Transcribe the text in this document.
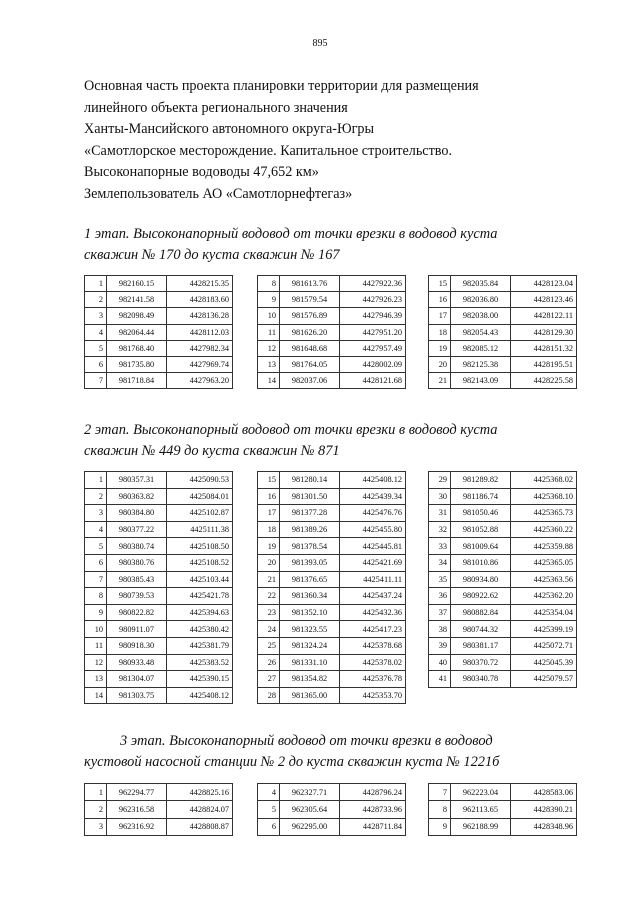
895
Основная часть проекта планировки территории для размещения
линейного объекта регионального значения
Ханты-Мансийского автономного округа-Югры
«Самотлорское месторождение. Капитальное строительство.
Высоконапорные водоводы 47,652 км»
Землепользователь АО «Самотлорнефтегаз»
1 этап. Высоконапорный водовод от точки врезки в водовод куста
скважин № 170 до куста скважин № 167
1	982160.15	4428215.35
2	982141.58	4428183.60
3	982098.49	4428136.28
4	982064.44	4428112.03
5	981768.40	4427982.34
6	981735.80	4427969.74
7	981718.84	4427963.20
8	981613.76	4427922.36
9	981579.54	4427926.23
10	981576.89	4427946.39
11	981626.20	4427951.20
12	981648.68	4427957.49
13	981764.05	4428002.09
14	982037.06	4428121.68
15	982035.84	4428123.04
16	982036.80	4428123.46
17	982038.00	4428122.11
18	982054.43	4428129.30
19	982085.12	4428151.32
20	982125.38	4428195.51
21	982143.09	4428225.58
2 этап. Высоконапорный водовод от точки врезки в водовод куста
скважин № 449 до куста скважин № 871
1	980357.31	4425090.53
2	980363.82	4425084.01
3	980384.80	4425102.87
4	980377.22	4425111.38
5	980380.74	4425108.50
6	980380.76	4425108.52
7	980385.43	4425103.44
8	980739.53	4425421.78
9	980822.82	4425394.63
10	980911.07	4425380.42
11	980918.30	4425381.79
12	980933.48	4425383.52
13	981304.07	4425390.15
14	981303.75	4425408.12
15	981280.14	4425408.12
16	981301.50	4425439.34
17	981377.28	4425476.76
18	981389.26	4425455.80
19	981378.54	4425445.81
20	981393.05	4425421.69
21	981376.65	4425411.11
22	981360.34	4425437.24
23	981352.10	4425432.36
24	981323.55	4425417.23
25	981324.24	4425378.68
26	981331.10	4425378.02
27	981354.82	4425376.78
28	981365.00	4425353.70
29	981289.82	4425368.02
30	981186.74	4425368.10
31	981050.46	4425365.73
32	981052.88	4425360.22
33	981009.64	4425359.88
34	981010.86	4425365.05
35	980934.80	4425363.56
36	980922.62	4425362.20
37	980882.84	4425354.04
38	980744.32	4425399.19
39	980381.17	4425072.71
40	980370.72	4425045.39
41	980340.78	4425079.57
3 этап. Высоконапорный водовод от точки врезки в водовод
кустовой насосной станции № 2 до куста скважин куста № 1221б
1	962294.77	4428825.16
2	962316.58	4428824.07
3	962316.92	4428808.87
4	962327.71	4428796.24
5	962305.64	4428733.96
6	962295.00	4428711.84
7	962223.04	4428583.06
8	962113.65	4428390.21
9	962188.99	4428348.96
